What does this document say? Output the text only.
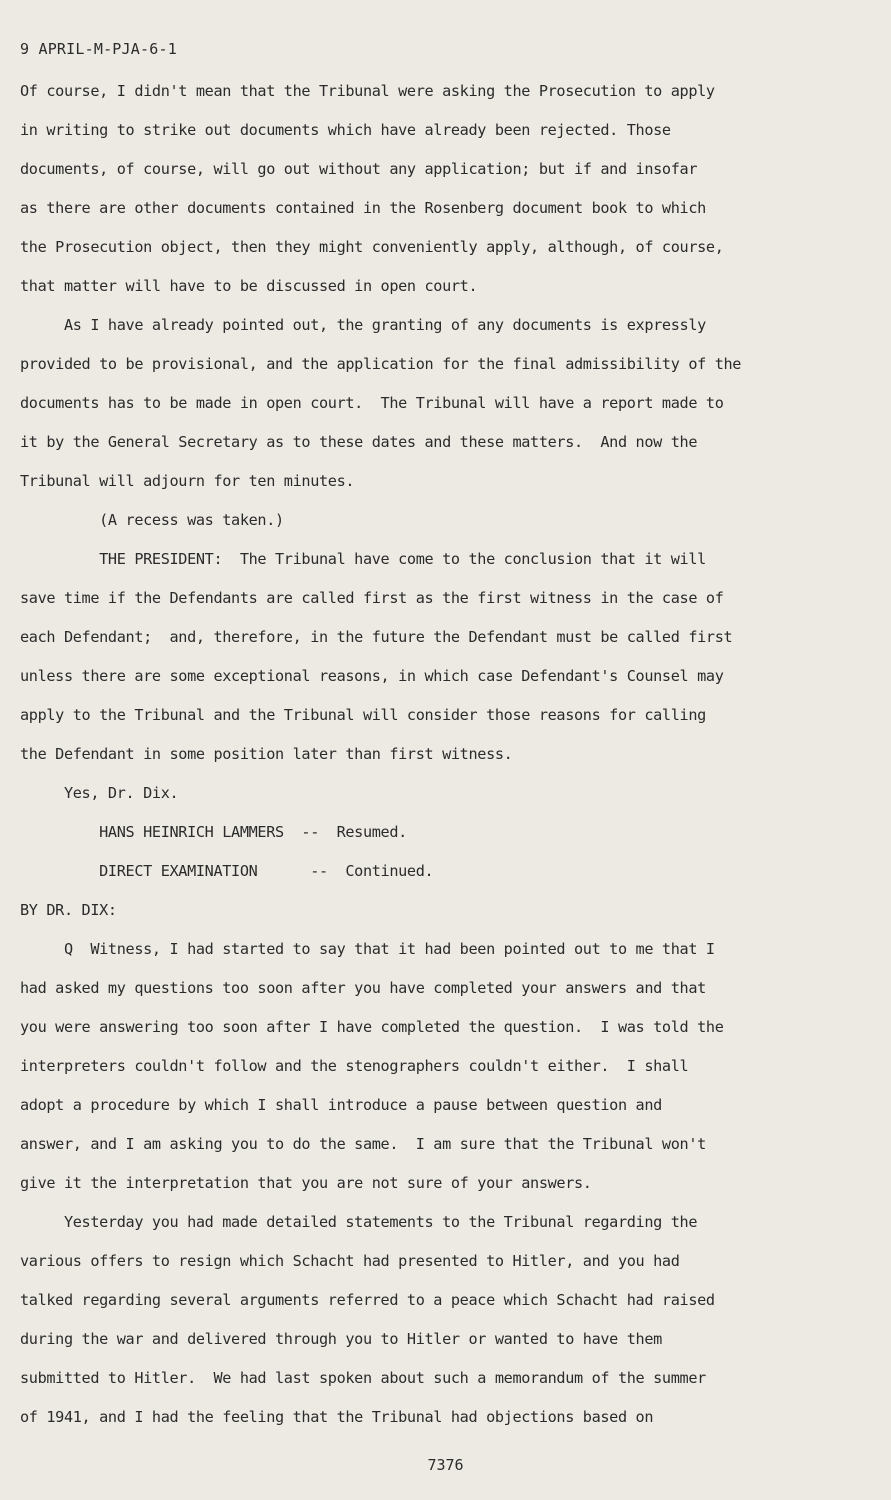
9 APRIL-M-PJA-6-1
Of course, I didn't mean that the Tribunal were asking the Prosecution to apply
in writing to strike out documents which have already been rejected. Those
documents, of course, will go out without any application; but if and insofar
as there are other documents contained in the Rosenberg document book to which
the Prosecution object, then they might conveniently apply, although, of course,
that matter will have to be discussed in open court.
As I have already pointed out, the granting of any documents is expressly
provided to be provisional, and the application for the final admissibility of the
documents has to be made in open court.  The Tribunal will have a report made to
it by the General Secretary as to these dates and these matters.  And now the
Tribunal will adjourn for ten minutes.
(A recess was taken.)
THE PRESIDENT:  The Tribunal have come to the conclusion that it will
save time if the Defendants are called first as the first witness in the case of
each Defendant;  and, therefore, in the future the Defendant must be called first
unless there are some exceptional reasons, in which case Defendant's Counsel may
apply to the Tribunal and the Tribunal will consider those reasons for calling
the Defendant in some position later than first witness.
Yes, Dr. Dix.
HANS HEINRICH LAMMERS  --  Resumed.
DIRECT EXAMINATION      --  Continued.
BY DR. DIX:
Q  Witness, I had started to say that it had been pointed out to me that I
had asked my questions too soon after you have completed your answers and that
you were answering too soon after I have completed the question.  I was told the
interpreters couldn't follow and the stenographers couldn't either.  I shall
adopt a procedure by which I shall introduce a pause between question and
answer, and I am asking you to do the same.  I am sure that the Tribunal won't
give it the interpretation that you are not sure of your answers.
Yesterday you had made detailed statements to the Tribunal regarding the
various offers to resign which Schacht had presented to Hitler, and you had
talked regarding several arguments referred to a peace which Schacht had raised
during the war and delivered through you to Hitler or wanted to have them
submitted to Hitler.  We had last spoken about such a memorandum of the summer
of 1941, and I had the feeling that the Tribunal had objections based on
7376
